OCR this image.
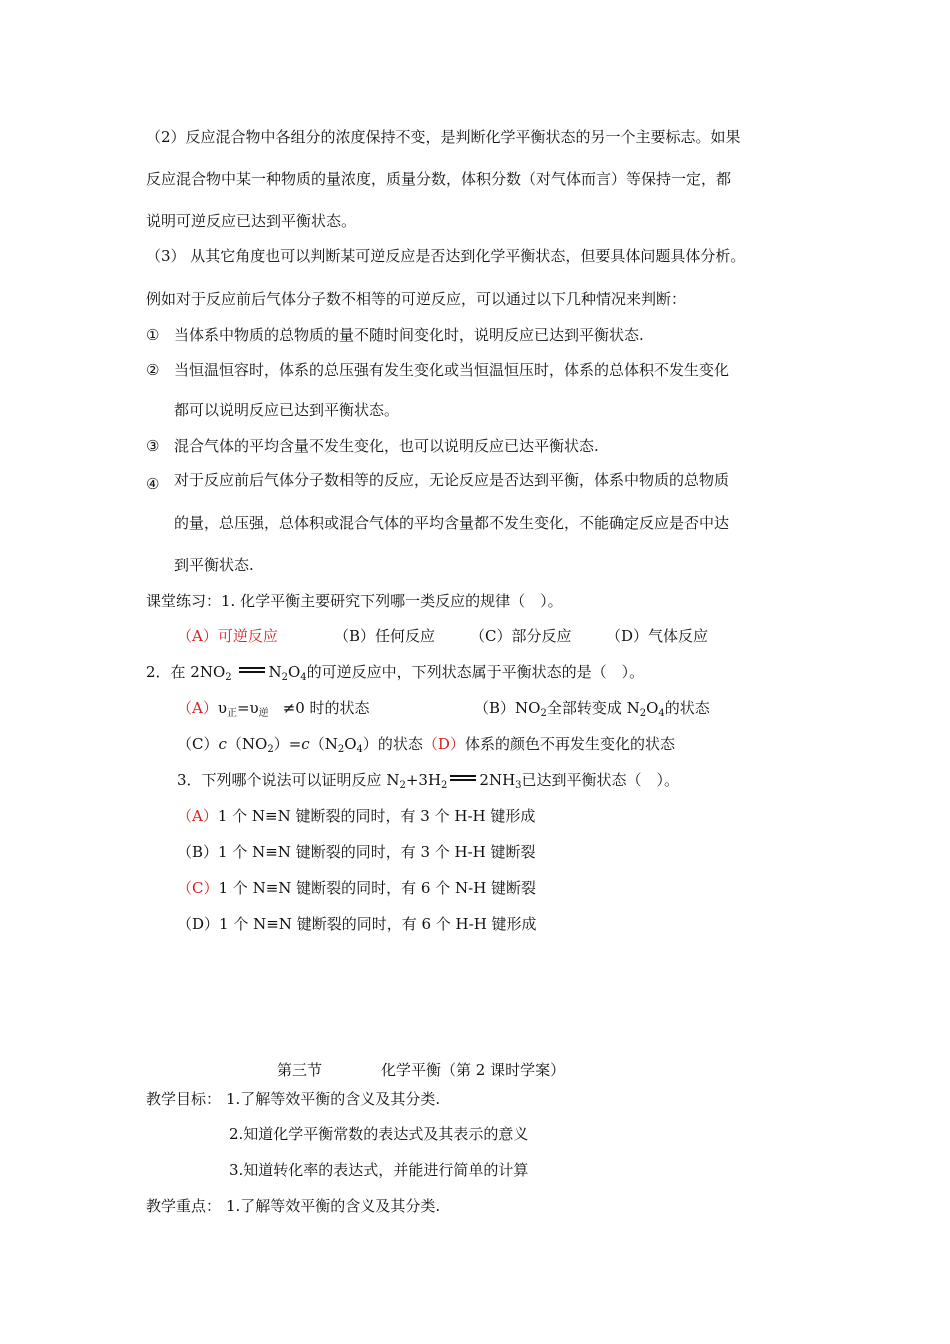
（2）反应混合物中各组分的浓度保持不变，是判断化学平衡状态的另一个主要标志。如果
反应混合物中某一种物质的量浓度，质量分数，体积分数（对气体而言）等保持一定，都
说明可逆反应已达到平衡状态。
（3） 从其它角度也可以判断某可逆反应是否达到化学平衡状态，但要具体问题具体分析。
例如对于反应前后气体分子数不相等的可逆反应，可以通过以下几种情况来判断：
① 当体系中物质的总物质的量不随时间变化时，说明反应已达到平衡状态.
② 当恒温恒容时，体系的总压强有发生变化或当恒温恒压时，体系的总体积不发生变化
都可以说明反应已达到平衡状态。
③ 混合气体的平均含量不发生变化，也可以说明反应已达平衡状态.
④ 对于反应前后气体分子数相等的反应，无论反应是否达到平衡，体系中物质的总物质
的量，总压强，总体积或混合气体的平均含量都不发生变化，不能确定反应是否中达
到平衡状态.
课堂练习：1. 化学平衡主要研究下列哪一类反应的规律（　）。
（A）可逆反应	（B）任何反应 （C）部分反应 （D）气体反应
2．在 $2NO_2$ $N_2O_4$的可逆反应中，下列状态属于平衡状态的是（　）。
$(A)\upsilon_正=\upsilon_逆 \ne 0$ 时的状态	$(B)NO_2$全部转变成 $N_2O_4$的状态
$(C)c(NO_2)=c(N_2O_4)$的状态（D）体系的颜色不再发生变化的状态
3．下列哪个说法可以证明反应 $N_2+3H_2$ $2NH_3$已达到平衡状态（　）。
（A）1 个 N≡N 键断裂的同时，有 3 个 H-H 键形成
（B）1 个 N≡N 键断裂的同时，有 3 个 H-H 键断裂
（C）1 个 N≡N 键断裂的同时，有 6 个 N-H 键断裂
（D）1 个 N≡N 键断裂的同时，有 6 个 H-H 键形成
第三节	化学平衡（第 2 课时学案）
教学目标： 1.了解等效平衡的含义及其分类.
2.知道化学平衡常数的表达式及其表示的意义
3.知道转化率的表达式，并能进行简单的计算
教学重点： 1.了解等效平衡的含义及其分类.
